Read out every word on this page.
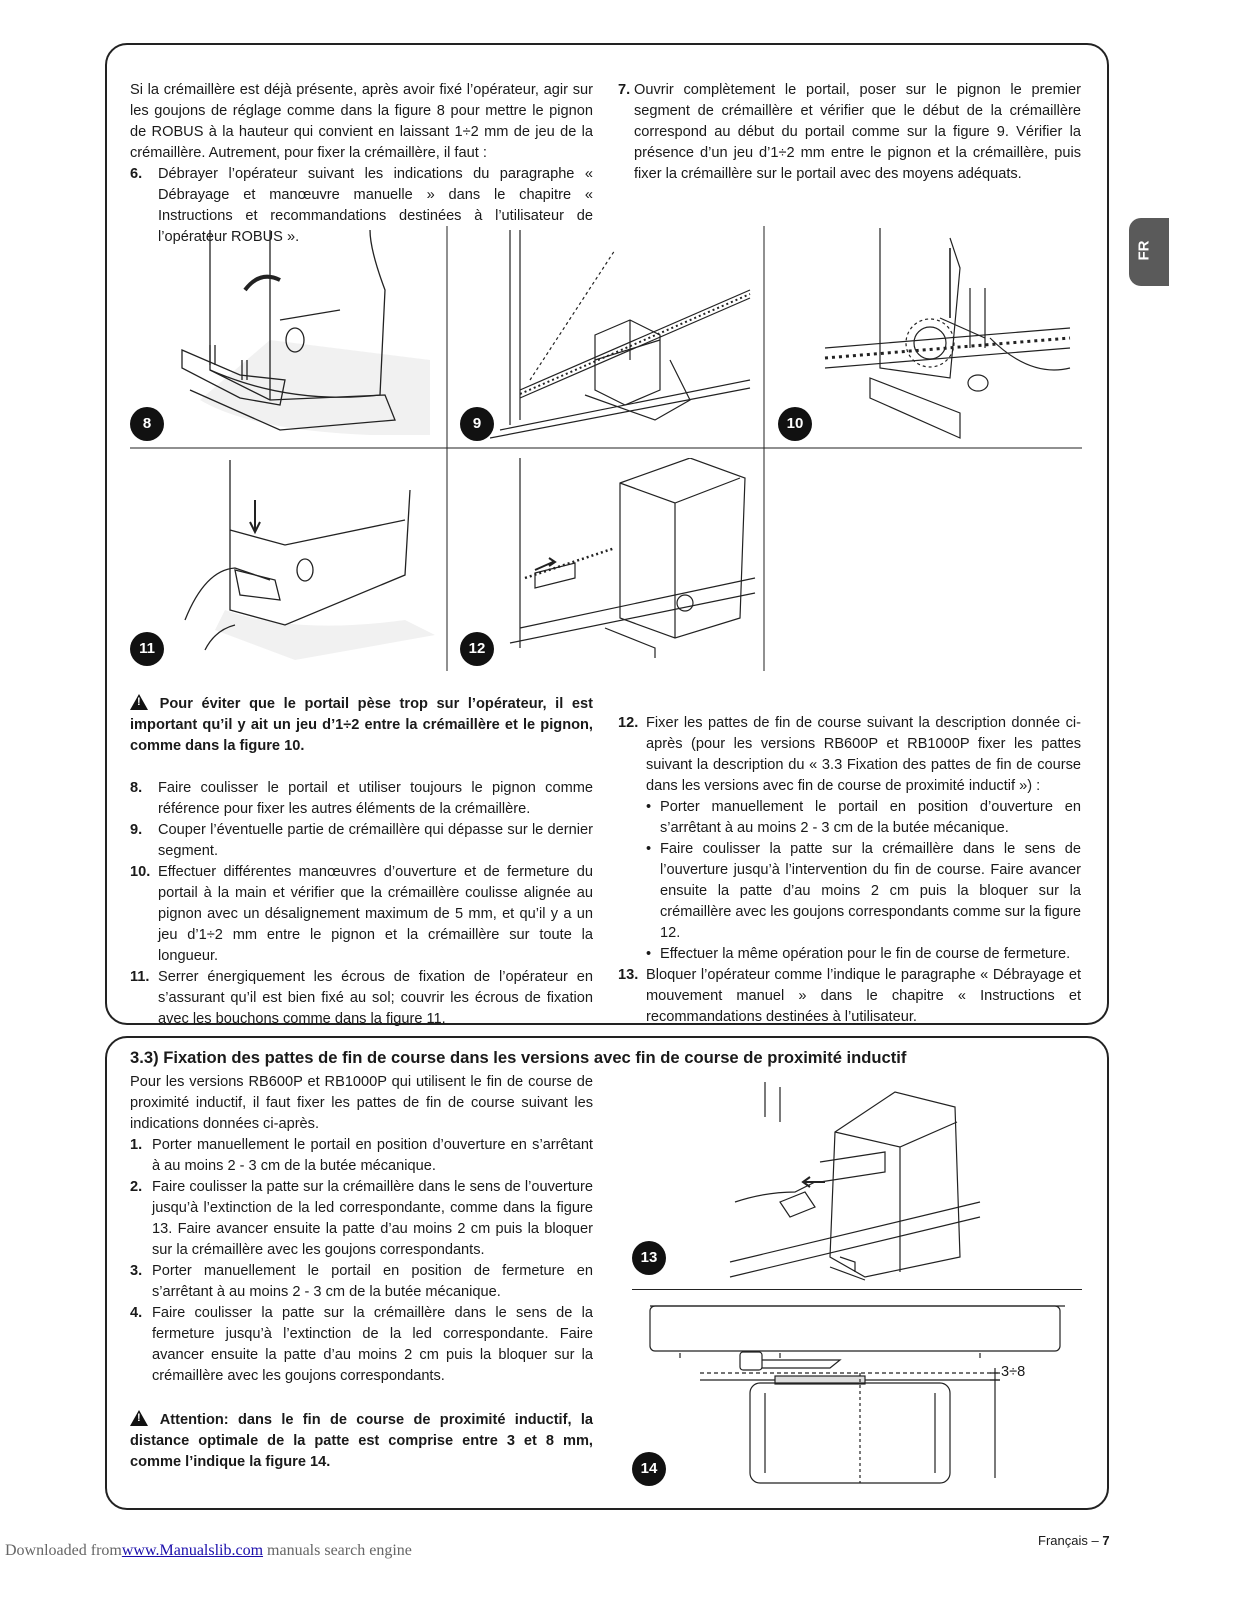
FR

Si la crémaillère est déjà présente, après avoir fixé l’opérateur, agir sur les goujons de réglage comme dans la figure 8 pour mettre le pignon de ROBUS à la hauteur qui convient en laissant 1÷2 mm de jeu de la crémaillère. Autrement, pour fixer la crémaillère, il faut :

6. Débrayer l’opérateur suivant les indications du paragraphe « Débrayage et manœuvre manuelle » dans le chapitre « Instructions et recommandations destinées à l’utilisateur de l’opérateur ROBUS ».
7. Ouvrir complètement le portail, poser sur le pignon le premier segment de crémaillère et vérifier que le début de la crémaillère correspond au début du portail comme sur la figure 9. Vérifier la présence d’un jeu d’1÷2 mm entre le pignon et la crémaillère, puis fixer la crémaillère sur le portail avec des moyens adéquats.
8	9	10
11	12

! Pour éviter que le portail pèse trop sur l’opérateur, il est important qu’il y ait un jeu d’1÷2 entre la crémaillère et le pignon, comme dans la figure 10.

8. Faire coulisser le portail et utiliser toujours le pignon comme référence pour fixer les autres éléments de la crémaillère.
9. Couper l’éventuelle partie de crémaillère qui dépasse sur le dernier segment.
10. Effectuer différentes manœuvres d’ouverture et de fermeture du portail à la main et vérifier que la crémaillère coulisse alignée au pignon avec un désalignement maximum de 5 mm, et qu’il y a un jeu d’1÷2 mm entre le pignon et la crémaillère sur toute la longueur.
11. Serrer énergiquement les écrous de fixation de l’opérateur en s’assurant qu’il est bien fixé au sol; couvrir les écrous de fixation avec les bouchons comme dans la figure 11.
12. Fixer les pattes de fin de course suivant la description donnée ci-après (pour les versions RB600P et RB1000P fixer les pattes suivant la description du « 3.3 Fixation des pattes de fin de course dans les versions avec fin de course de proximité inductif ») :
• Porter manuellement le portail en position d’ouverture en s’arrêtant à au moins 2 - 3 cm de la butée mécanique.
• Faire coulisser la patte sur la crémaillère dans le sens de l’ouverture jusqu’à l’intervention du fin de course. Faire avancer ensuite la patte d’au moins 2 cm puis la bloquer sur la crémaillère avec les goujons correspondants comme sur la figure 12.
• Effectuer la même opération pour le fin de course de fermeture.
13. Bloquer l’opérateur comme l’indique le paragraphe « Débrayage et mouvement manuel » dans le chapitre « Instructions et recommandations destinées à l’utilisateur.
3.3) Fixation des pattes de fin de course dans les versions avec fin de course de proximité inductif

Pour les versions RB600P et RB1000P qui utilisent le fin de course de proximité inductif, il faut fixer les pattes de fin de course suivant les indications données ci-après.

1. Porter manuellement le portail en position d’ouverture en s’arrêtant à au moins 2 - 3 cm de la butée mécanique.
2. Faire coulisser la patte sur la crémaillère dans le sens de l’ouverture jusqu’à l’extinction de la led correspondante, comme dans la figure 13. Faire avancer ensuite la patte d’au moins 2 cm puis la bloquer sur la crémaillère avec les goujons correspondants.
3. Porter manuellement le portail en position de fermeture en s’arrêtant à au moins 2 - 3 cm de la butée mécanique.
4. Faire coulisser la patte sur la crémaillère dans le sens de la fermeture jusqu’à l’extinction de la led correspondante. Faire avancer ensuite la patte d’au moins 2 cm puis la bloquer sur la crémaillère avec les goujons correspondants.

! Attention: dans le fin de course de proximité inductif, la distance optimale de la patte est comprise entre 3 et 8 mm, comme l’indique la figure 14.

13
3÷8
14
Français – 7
Downloaded fromwww.Manualslib.com manuals search engine
